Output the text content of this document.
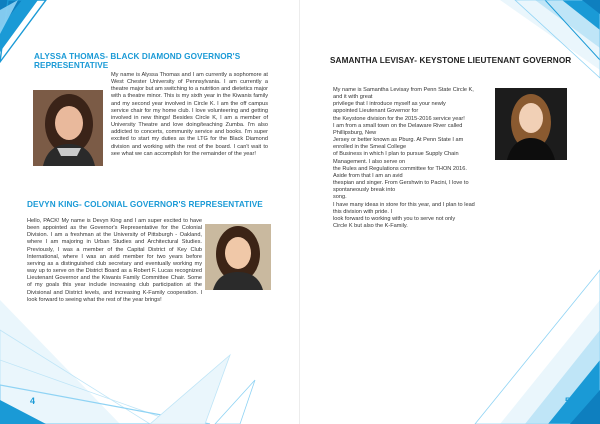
ALYSSA THOMAS- BLACK DIAMOND GOVERNOR'S REPRESENTATIVE

My name is Alyssa Thomas and I am currently a sophomore at West Chester University of Pennsylvania. I am currently a theatre major but am switching to a nutrition and dietetics major with a theatre minor. This is my sixth year in the Kiwanis family and my second year involved in Circle K. I am the off campus service chair for my home club. I love volunteering and getting involved in new things! Besides Circle K, I am a member of University Theatre and love doing/teaching Zumba. I'm also addicted to concerts, community service and books. I'm super excited to start my duties as the LTG for the Black Diamond division and working with the rest of the board. I can't wait to see what we can accomplish for the remainder of the year!

DEVYN KING- COLONIAL GOVERNOR'S REPRESENTATIVE

Hello, PACK! My name is Devyn King and I am super excited to have been appointed as the Governor's Representative for the Colonial Division. I am a freshman at the University of Pittsburgh - Oakland, where I am majoring in Urban Studies and Architectural Studies. Previously, I was a member of the Capital District of Key Club International, where I was an avid member for two years before serving as a distinguished club secretary and eventually working my way up to serve on the District Board as a Robert F. Lucas recognized Lieutenant Governor and the Kiwanis Family Committee Chair. Some of my goals this year include increasing club participation at the Divisional and District levels, and increasing K-Family cooperation. I look forward to seeing what the rest of the year brings!

4
SAMANTHA LEVISAY- KEYSTONE LIEUTENANT GOVERNOR

My name is Samantha Levisay from Penn State Circle K,

and it with great

privilege that I introduce myself as your newly

appointed Lieutenant Governor for

the Keystone division for the 2015-2016 service year!

I am from a small town on the Delaware River called

Phillipsburg, New

Jersey or better known as Pburg. At Penn State I am

enrolled in the Smeal College

of Business in which I plan to pursue Supply Chain

Management. I also serve on

the Rules and Regulations committee for THON 2016.

Aside from that I am an avid

thespian and singer. From Gershwin to Pacini, I love to

spontaneously break into

song.

I have many ideas in store for this year, and I plan to lead

this division with pride. I

look forward to working with you to serve not only

Circle K but also the K-Family.

5
